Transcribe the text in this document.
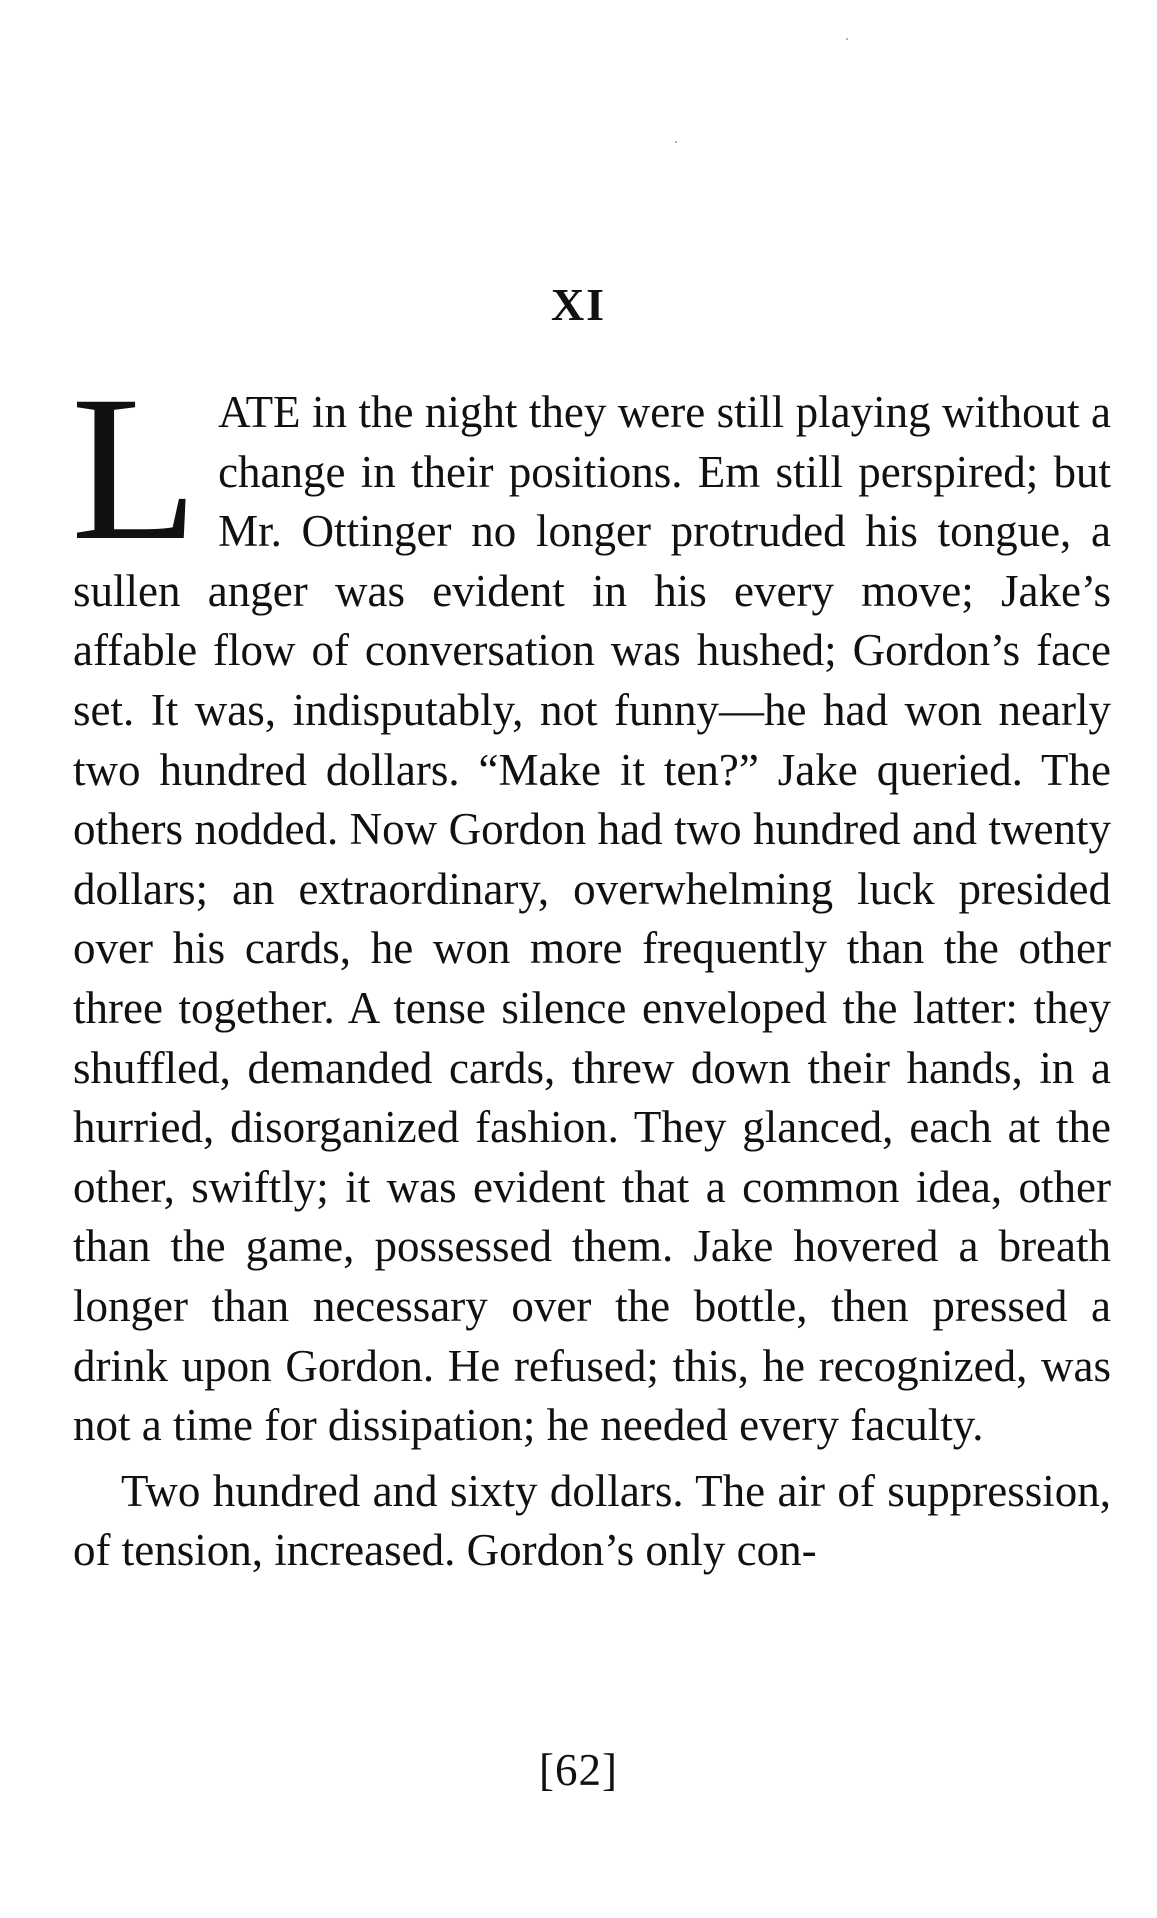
XI

LATE in the night they were still playing without a change in their positions. Em still perspired; but Mr. Ottinger no longer protruded his tongue, a sullen anger was evident in his every move; Jake’s affable flow of conversation was hushed; Gordon’s face set. It was, indisputably, not funny—he had won nearly two hundred dollars. “Make it ten?” Jake queried. The others nodded. Now Gordon had two hundred and twenty dollars; an extraordinary, overwhelming luck presided over his cards, he won more frequently than the other three together. A tense silence enveloped the latter: they shuffled, demanded cards, threw down their hands, in a hurried, disorganized fashion. They glanced, each at the other, swiftly; it was evident that a common idea, other than the game, possessed them. Jake hovered a breath longer than necessary over the bottle, then pressed a drink upon Gordon. He refused; this, he recognized, was not a time for dissipation; he needed every faculty.

Two hundred and sixty dollars. The air of suppression, of tension, increased. Gordon’s only con-

[62]
